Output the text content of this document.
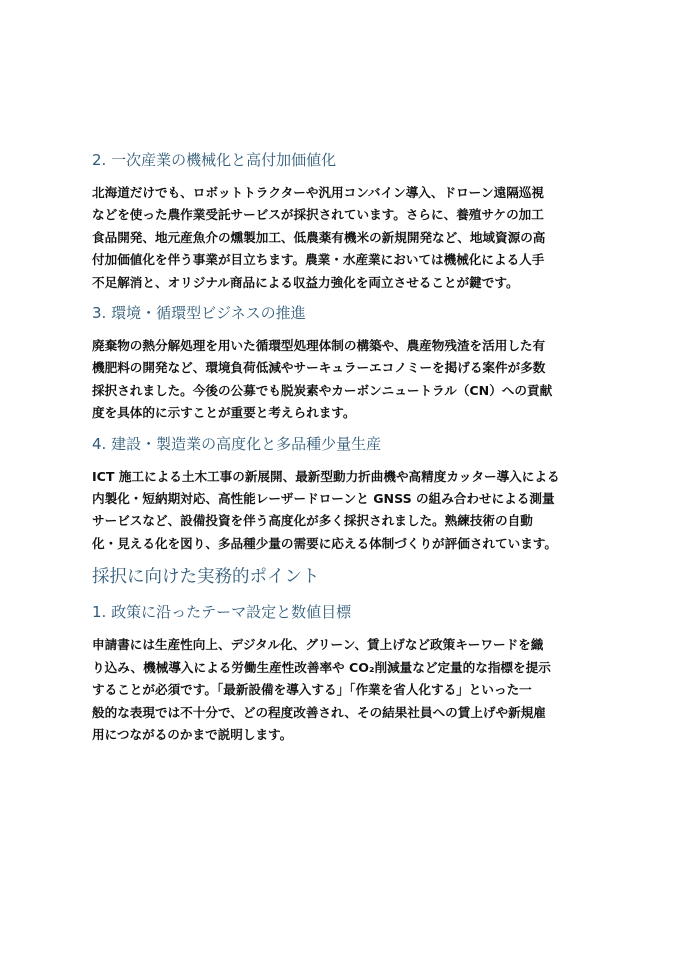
2. 一次産業の機械化と高付加価値化

北海道だけでも、ロボットトラクターや汎用コンバイン導入、ドローン遠隔巡視
などを使った農作業受託サービスが採択されています。さらに、養殖サケの加工
食品開発、地元産魚介の燻製加工、低農薬有機米の新規開発など、地域資源の高
付加価値化を伴う事業が目立ちます。農業・水産業においては機械化による人手
不足解消と、オリジナル商品による収益力強化を両立させることが鍵です。

3. 環境・循環型ビジネスの推進

廃棄物の熱分解処理を用いた循環型処理体制の構築や、農産物残渣を活用した有
機肥料の開発など、環境負荷低減やサーキュラーエコノミーを掲げる案件が多数
採択されました。今後の公募でも脱炭素やカーボンニュートラル（CN）への貢献
度を具体的に示すことが重要と考えられます。

4. 建設・製造業の高度化と多品種少量生産

ICT 施工による土木工事の新展開、最新型動力折曲機や高精度カッター導入による
内製化・短納期対応、高性能レーザードローンと GNSS の組み合わせによる測量
サービスなど、設備投資を伴う高度化が多く採択されました。熟練技術の自動
化・見える化を図り、多品種少量の需要に応える体制づくりが評価されています。

採択に向けた実務的ポイント
1. 政策に沿ったテーマ設定と数値目標

申請書には生産性向上、デジタル化、グリーン、賃上げなど政策キーワードを織
り込み、機械導入による労働生産性改善率や CO₂削減量など定量的な指標を提示
することが必須です。「最新設備を導入する」「作業を省人化する」といった一
般的な表現では不十分で、どの程度改善され、その結果社員への賃上げや新規雇
用につながるのかまで説明します。
